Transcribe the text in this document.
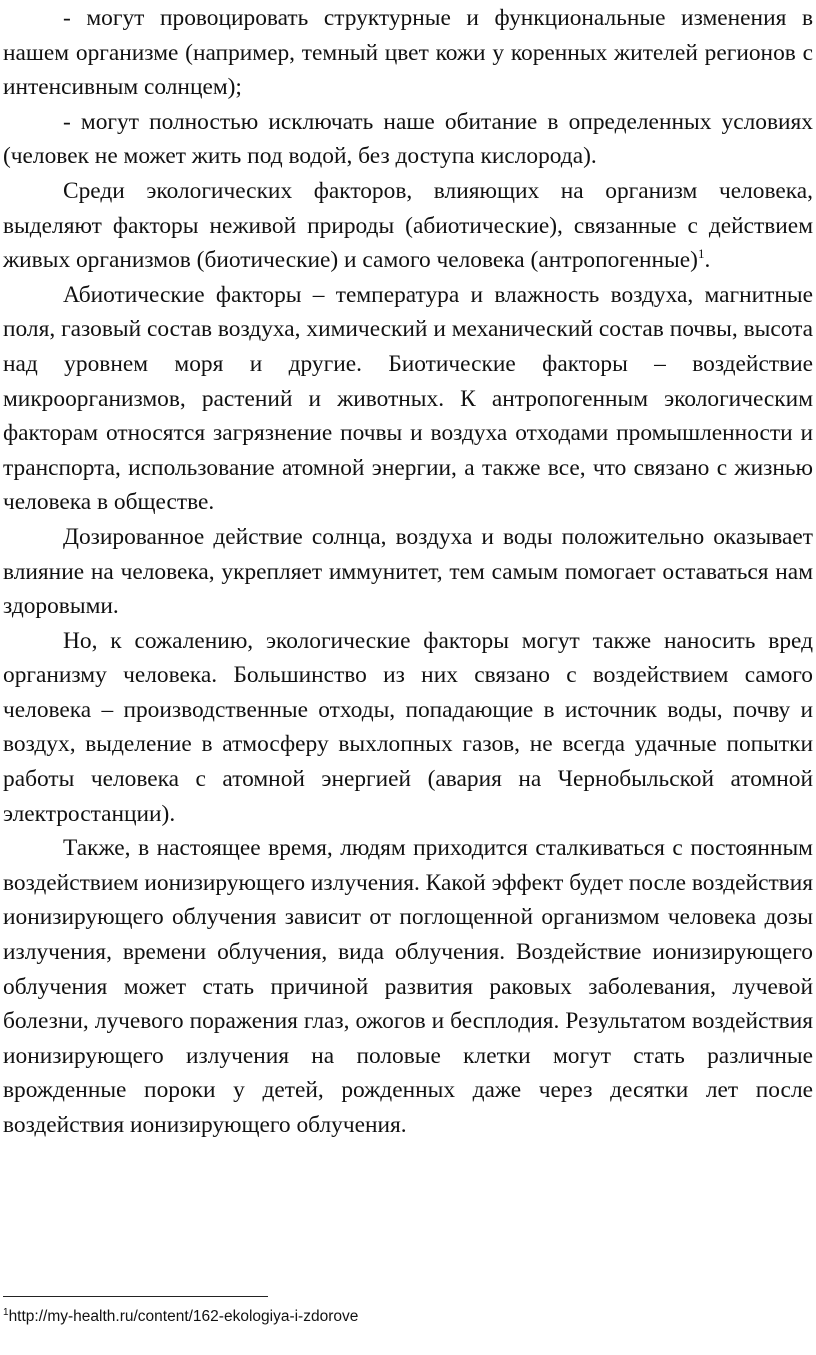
- могут провоцировать структурные и функциональные изменения в нашем организме (например, темный цвет кожи у коренных жителей регионов с интенсивным солнцем);

- могут полностью исключать наше обитание в определенных условиях (человек не может жить под водой, без доступа кислорода).

Среди экологических факторов, влияющих на организм человека, выделяют факторы неживой природы (абиотические), связанные с действием живых организмов (биотические) и самого человека (антропогенные)$^1$.

Абиотические факторы – температура и влажность воздуха, магнитные поля, газовый состав воздуха, химический и механический состав почвы, высота над уровнем моря и другие. Биотические факторы – воздействие микроорганизмов, растений и животных. К антропогенным экологическим факторам относятся загрязнение почвы и воздуха отходами промышленности и транспорта, использование атомной энергии, а также все, что связано с жизнью человека в обществе.

Дозированное действие солнца, воздуха и воды положительно оказывает влияние на человека, укрепляет иммунитет, тем самым помогает оставаться нам здоровыми.

Но, к сожалению, экологические факторы могут также наносить вред организму человека. Большинство из них связано с воздействием самого человека – производственные отходы, попадающие в источник воды, почву и воздух, выделение в атмосферу выхлопных газов, не всегда удачные попытки работы человека с атомной энергией (авария на Чернобыльской атомной электростанции).

Также, в настоящее время, людям приходится сталкиваться с постоянным воздействием ионизирующего излучения. Какой эффект будет после воздействия ионизирующего облучения зависит от поглощенной организмом человека дозы излучения, времени облучения, вида облучения. Воздействие ионизирующего облучения может стать причиной развития раковых заболевания, лучевой болезни, лучевого поражения глаз, ожогов и бесплодия. Результатом воздействия ионизирующего излучения на половые клетки могут стать различные врожденные пороки у детей, рожденных даже через десятки лет после воздействия ионизирующего облучения.

$^1$http://my-health.ru/content/162-ekologiya-i-zdorove
